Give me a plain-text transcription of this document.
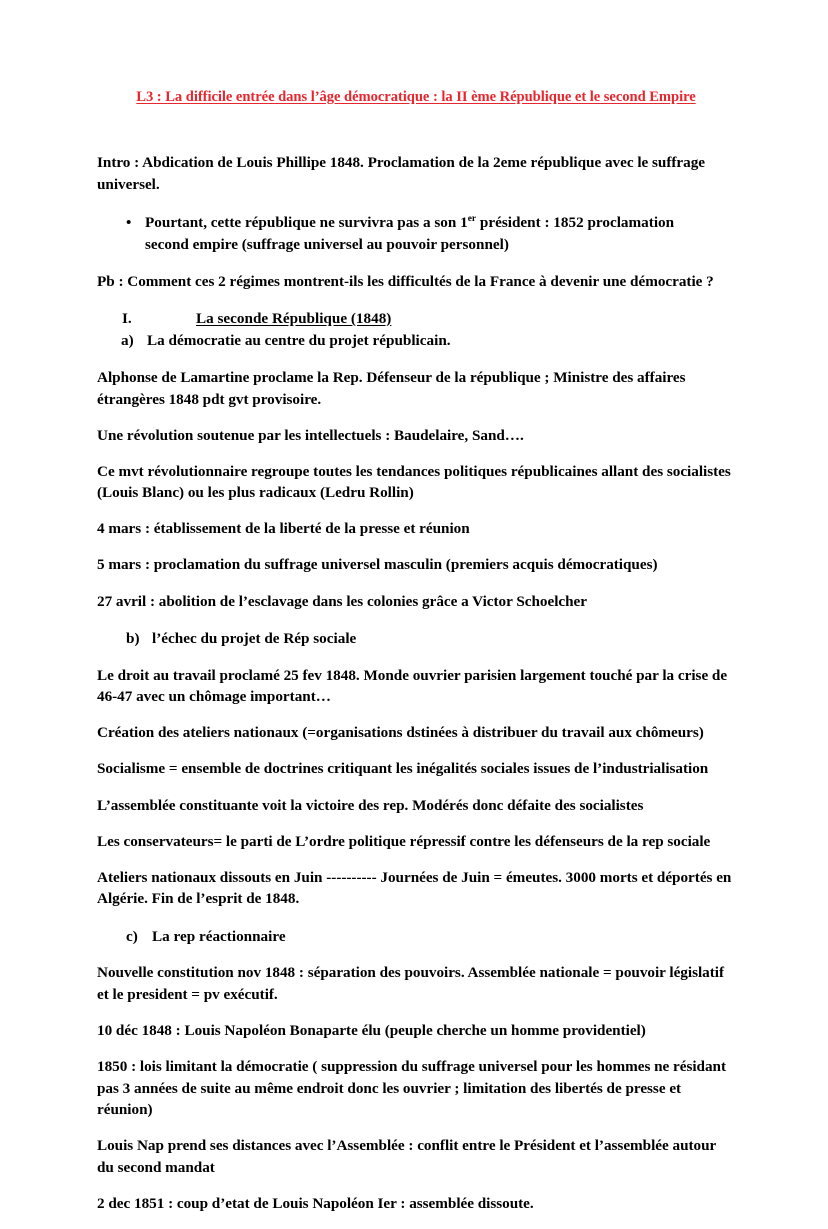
L3 : La difficile entrée dans l’âge démocratique : la II ème République et le second Empire

Intro : Abdication de Louis Phillipe 1848. Proclamation de la 2eme république avec le suffrage universel.

• Pourtant, cette république ne survivra pas a son 1er président : 1852 proclamation second empire (suffrage universel au pouvoir personnel)

Pb : Comment ces 2 régimes montrent-ils les difficultés de la France à devenir une démocratie ?

I.	La seconde République (1848)
a) La démocratie au centre du projet républicain.

Alphonse de Lamartine proclame la Rep. Défenseur de la république ; Ministre des affaires étrangères 1848 pdt gvt provisoire.

Une révolution soutenue par les intellectuels : Baudelaire, Sand….

Ce mvt révolutionnaire regroupe toutes les tendances politiques républicaines allant des socialistes (Louis Blanc) ou les plus radicaux (Ledru Rollin)

4 mars : établissement de la liberté de la presse et réunion

5 mars : proclamation du suffrage universel masculin (premiers acquis démocratiques)

27 avril : abolition de l’esclavage dans les colonies grâce a Victor Schoelcher

b) l’échec du projet de Rép sociale

Le droit au travail proclamé 25 fev 1848. Monde ouvrier parisien largement touché par la crise de 46-47 avec un chômage important…

Création des ateliers nationaux (=organisations dstinées à distribuer du travail aux chômeurs)

Socialisme = ensemble de doctrines critiquant les inégalités sociales issues de l’industrialisation

L’assemblée constituante voit la victoire des rep. Modérés donc défaite des socialistes

Les conservateurs= le parti de L’ordre politique répressif contre les défenseurs de la rep sociale

Ateliers nationaux dissouts en Juin ---------- Journées de Juin = émeutes. 3000 morts et déportés en Algérie. Fin de l’esprit de 1848.

c) La rep réactionnaire

Nouvelle constitution nov 1848 : séparation des pouvoirs. Assemblée nationale = pouvoir législatif et le president = pv exécutif.

10 déc 1848 : Louis Napoléon Bonaparte élu (peuple cherche un homme providentiel)

1850 : lois limitant la démocratie ( suppression du suffrage universel pour les hommes ne résidant pas 3 années de suite au même endroit donc les ouvrier ; limitation des libertés de presse et réunion)

Louis Nap prend ses distances avec l’Assemblée : conflit entre le Président et l’assemblée autour du second mandat

2 dec 1851 : coup d’etat de Louis Napoléon Ier : assemblée dissoute.
